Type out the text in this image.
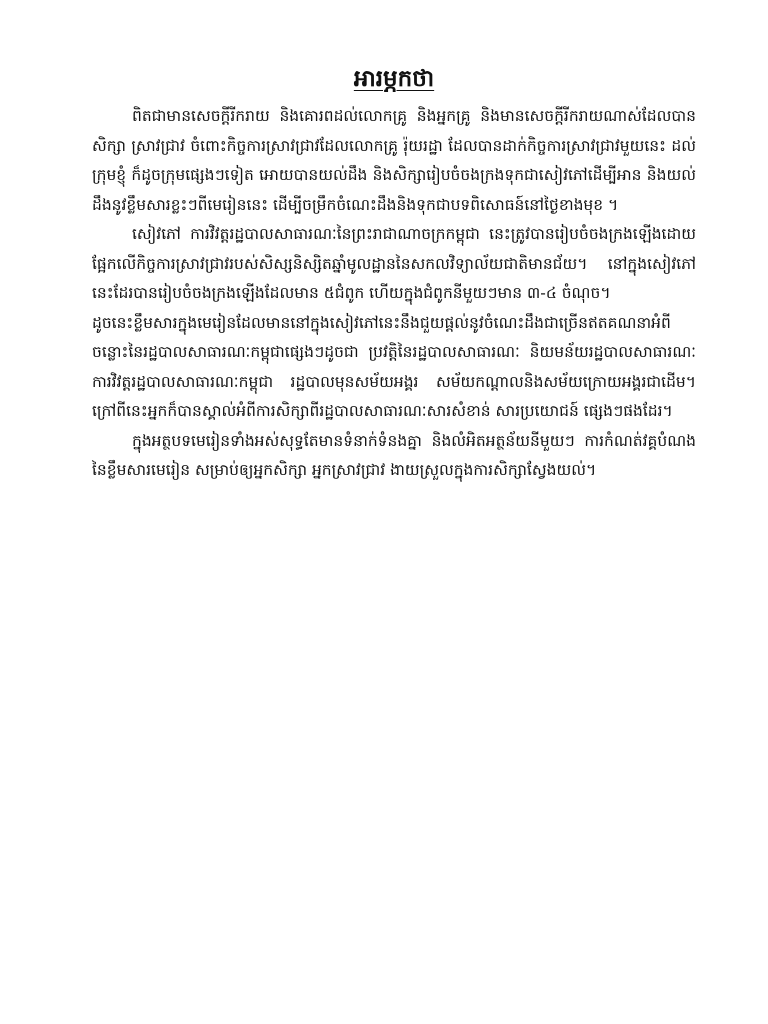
អារម្ភកថា

ពិតជាមានសេចក្តីរីករាយ និងគោរពដល់លោកគ្រូ និងអ្នកគ្រូ និងមានសេចក្តីរីករាយណាស់ដែលបានសិក្សា ស្រាវជ្រាវ ចំពោះកិច្ចការស្រាវជ្រាវដែលលោកគ្រូ រ៉ុយរដ្ឋា ដែលបានដាក់កិច្ចការស្រាវជ្រាវមួយនេះ ដល់ក្រុមខ្ញុំ ក៏ដូចក្រុមផ្សេងៗទៀត អោយបានយល់ដឹង និងសិក្សារៀបចំចងក្រងទុកជាសៀវភៅដើម្បីអាន និងយល់ដឹងនូវខ្លឹមសារខ្លះៗពីមេរៀននេះ ដើម្បីចម្រឹកចំណេះដឹងនិងទុកជាបទពិសោធន៍នៅថ្ងៃខាងមុខ ។

សៀវភៅ ការវិវត្តរដ្ឋបាលសាធារណៈនៃព្រះរាជាណាចក្រកម្ពុជា នេះត្រូវបានរៀបចំចងក្រងឡើងដោយផ្អែកលើកិច្ចការស្រាវជ្រាវរបស់សិស្សនិស្សិតឆ្នាំមូលដ្ឋាននៃសកលវិទ្យាល័យជាតិមានជ័យ។ នៅក្នុងសៀវភៅនេះដែរបានរៀបចំចងក្រងឡើងដែលមាន ៥ជំពូក ហើយក្នុងជំពូកនីមួយៗមាន ៣-៤ ចំណុច។

ដូចនេះខ្លឹមសារក្នុងមេរៀនដែលមាននៅក្នុងសៀវភៅនេះនឹងជួយផ្តល់នូវចំណេះដឹងជាច្រើនឥតគណនាអំពីចន្លោះនៃរដ្ឋបាលសាធារណៈកម្ពុជាផ្សេងៗដូចជា ប្រវត្តិនៃរដ្ឋបាលសាធារណៈ និយមន័យរដ្ឋបាលសាធារណៈ ការវិវត្តរដ្ឋបាលសាធារណៈកម្ពុជា រដ្ឋបាលមុនសម័យអង្គរ សម័យកណ្តាលនិងសម័យក្រោយអង្គរជាដើម។ ក្រៅពីនេះអ្នកក៏បានស្គាល់អំពីការសិក្សាពីរដ្ឋបាលសាធារណៈសារសំខាន់ សារប្រយោជន៍ ផ្សេងៗផងដែរ។

ក្នុងអត្ថបទមេរៀនទាំងអស់សុទ្ធតែមានទំនាក់ទំនងគ្នា និងលំអិតអត្ថន័យនីមួយៗ ការកំណត់វគ្គបំណងនៃខ្លឹមសារមេរៀន សម្រាប់ឲ្យអ្នកសិក្សា អ្នកស្រាវជ្រាវ ងាយស្រួលក្នុងការសិក្សាស្វែងយល់។
